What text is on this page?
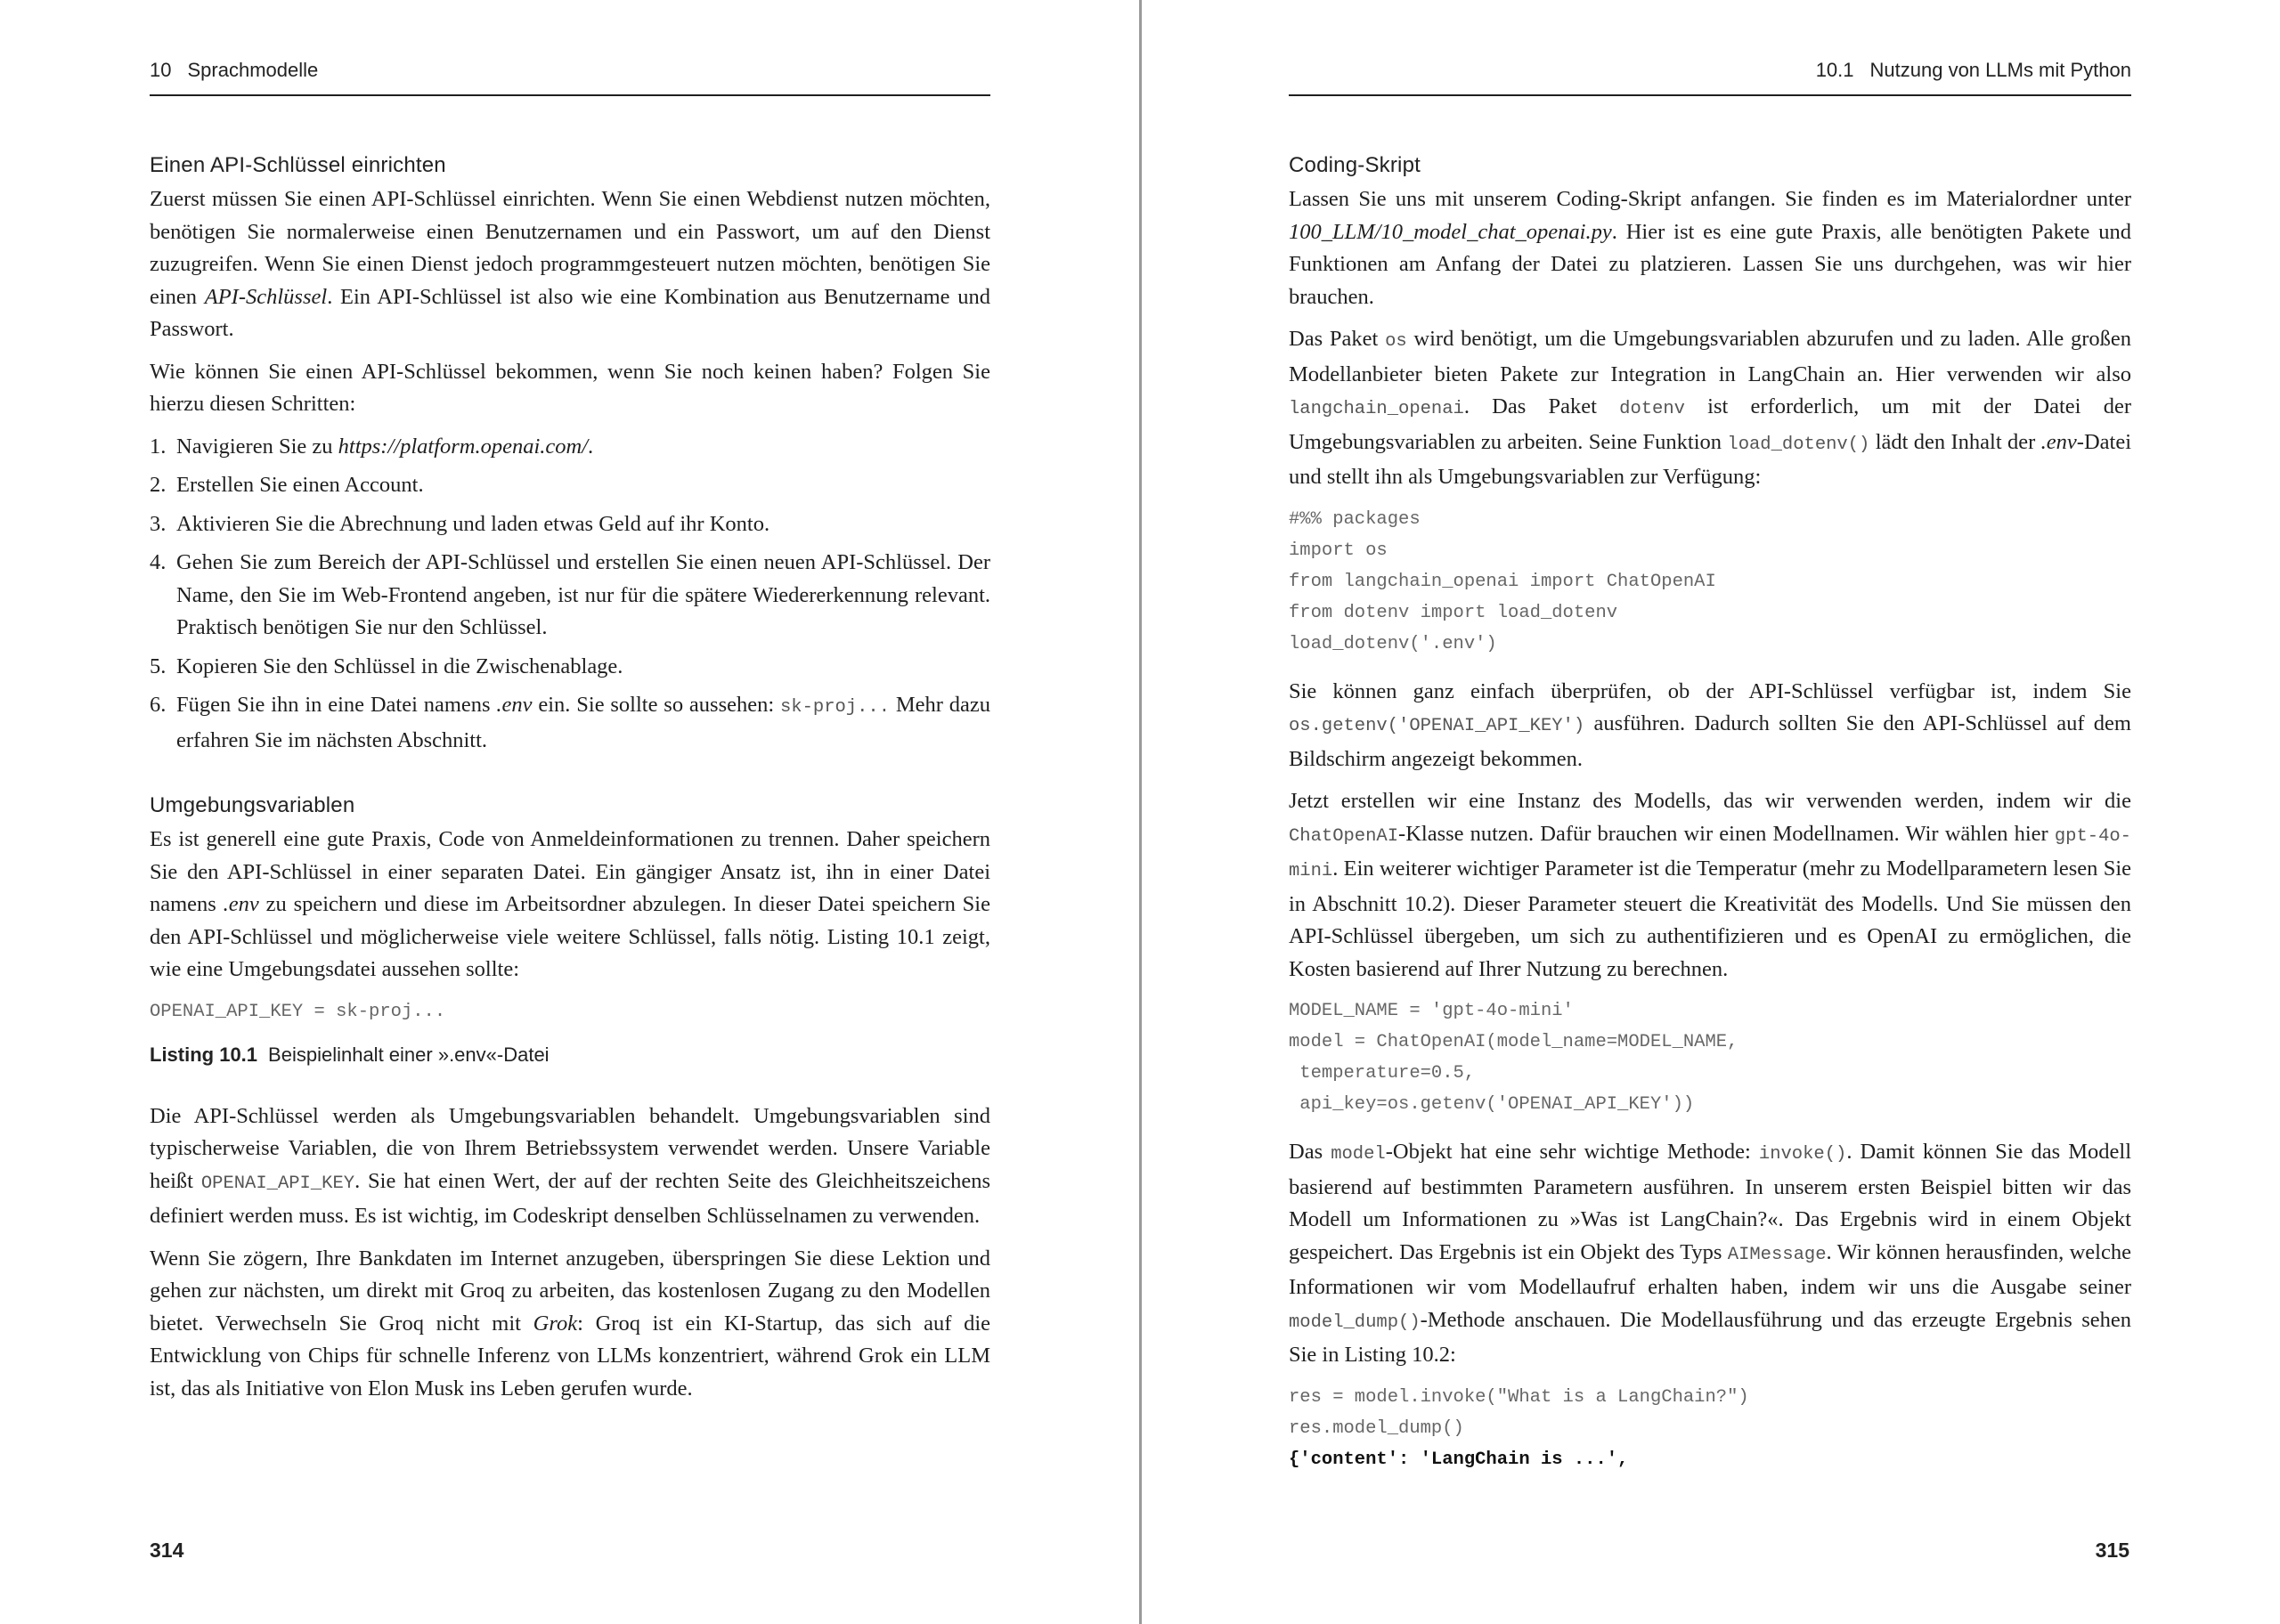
10 Sprachmodelle
Einen API-Schlüssel einrichten

Zuerst müssen Sie einen API-Schlüssel einrichten. Wenn Sie einen Webdienst nutzen möchten, benötigen Sie normalerweise einen Benutzernamen und ein Passwort, um auf den Dienst zuzugreifen. Wenn Sie einen Dienst jedoch programmgesteuert nutzen möchten, benötigen Sie einen API-Schlüssel. Ein API-Schlüssel ist also wie eine Kombination aus Benutzername und Passwort.

Wie können Sie einen API-Schlüssel bekommen, wenn Sie noch keinen haben? Folgen Sie hierzu diesen Schritten:

1. Navigieren Sie zu https://platform.openai.com/.
2. Erstellen Sie einen Account.
3. Aktivieren Sie die Abrechnung und laden etwas Geld auf ihr Konto.
4. Gehen Sie zum Bereich der API-Schlüssel und erstellen Sie einen neuen API-Schlüssel. Der Name, den Sie im Web-Frontend angeben, ist nur für die spätere Wiedererkennung relevant. Praktisch benötigen Sie nur den Schlüssel.
5. Kopieren Sie den Schlüssel in die Zwischenablage.
6. Fügen Sie ihn in eine Datei namens .env ein. Sie sollte so aussehen: sk-proj... Mehr dazu erfahren Sie im nächsten Abschnitt.
Umgebungsvariablen

Es ist generell eine gute Praxis, Code von Anmeldeinformationen zu trennen. Daher speichern Sie den API-Schlüssel in einer separaten Datei. Ein gängiger Ansatz ist, ihn in einer Datei namens .env zu speichern und diese im Arbeitsordner abzulegen. In dieser Datei speichern Sie den API-Schlüssel und möglicherweise viele weitere Schlüssel, falls nötig. Listing 10.1 zeigt, wie eine Umgebungsdatei aussehen sollte:

OPENAI_API_KEY = sk-proj...
Listing 10.1 Beispielinhalt einer ».env«-Datei

Die API-Schlüssel werden als Umgebungsvariablen behandelt. Umgebungsvariablen sind typischerweise Variablen, die von Ihrem Betriebssystem verwendet werden. Unsere Variable heißt OPENAI_API_KEY. Sie hat einen Wert, der auf der rechten Seite des Gleichheitszeichens definiert werden muss. Es ist wichtig, im Codeskript denselben Schlüsselnamen zu verwenden.

Wenn Sie zögern, Ihre Bankdaten im Internet anzugeben, überspringen Sie diese Lektion und gehen zur nächsten, um direkt mit Groq zu arbeiten, das kostenlosen Zugang zu den Modellen bietet. Verwechseln Sie Groq nicht mit Grok: Groq ist ein KI-Startup, das sich auf die Entwicklung von Chips für schnelle Inferenz von LLMs konzentriert, während Grok ein LLM ist, das als Initiative von Elon Musk ins Leben gerufen wurde.

314
10.1 Nutzung von LLMs mit Python
Coding-Skript

Lassen Sie uns mit unserem Coding-Skript anfangen. Sie finden es im Materialordner unter 100_LLM/10_model_chat_openai.py. Hier ist es eine gute Praxis, alle benötigten Pakete und Funktionen am Anfang der Datei zu platzieren. Lassen Sie uns durchgehen, was wir hier brauchen.

Das Paket os wird benötigt, um die Umgebungsvariablen abzurufen und zu laden. Alle großen Modellanbieter bieten Pakete zur Integration in LangChain an. Hier verwenden wir also langchain_openai. Das Paket dotenv ist erforderlich, um mit der Datei der Umgebungsvariablen zu arbeiten. Seine Funktion load_dotenv() lädt den Inhalt der .env-Datei und stellt ihn als Umgebungsvariablen zur Verfügung:

#%% packages
import os
from langchain_openai import ChatOpenAI
from dotenv import load_dotenv
load_dotenv('.env')

Sie können ganz einfach überprüfen, ob der API-Schlüssel verfügbar ist, indem Sie os.getenv('OPENAI_API_KEY') ausführen. Dadurch sollten Sie den API-Schlüssel auf dem Bildschirm angezeigt bekommen.

Jetzt erstellen wir eine Instanz des Modells, das wir verwenden werden, indem wir die ChatOpenAI-Klasse nutzen. Dafür brauchen wir einen Modellnamen. Wir wählen hier gpt-4o-mini. Ein weiterer wichtiger Parameter ist die Temperatur (mehr zu Modellparametern lesen Sie in Abschnitt 10.2). Dieser Parameter steuert die Kreativität des Modells. Und Sie müssen den API-Schlüssel übergeben, um sich zu authentifizieren und es OpenAI zu ermöglichen, die Kosten basierend auf Ihrer Nutzung zu berechnen.

MODEL_NAME = 'gpt-4o-mini'
model = ChatOpenAI(model_name=MODEL_NAME,
temperature=0.5,
api_key=os.getenv('OPENAI_API_KEY'))

Das model-Objekt hat eine sehr wichtige Methode: invoke(). Damit können Sie das Modell basierend auf bestimmten Parametern ausführen. In unserem ersten Beispiel bitten wir das Modell um Informationen zu »Was ist LangChain?«. Das Ergebnis wird in einem Objekt gespeichert. Das Ergebnis ist ein Objekt des Typs AIMessage. Wir können herausfinden, welche Informationen wir vom Modellaufruf erhalten haben, indem wir uns die Ausgabe seiner model_dump()-Methode anschauen. Die Modellausführung und das erzeugte Ergebnis sehen Sie in Listing 10.2:

res = model.invoke("What is a LangChain?")
res.model_dump()
{'content': 'LangChain is ...',
315
